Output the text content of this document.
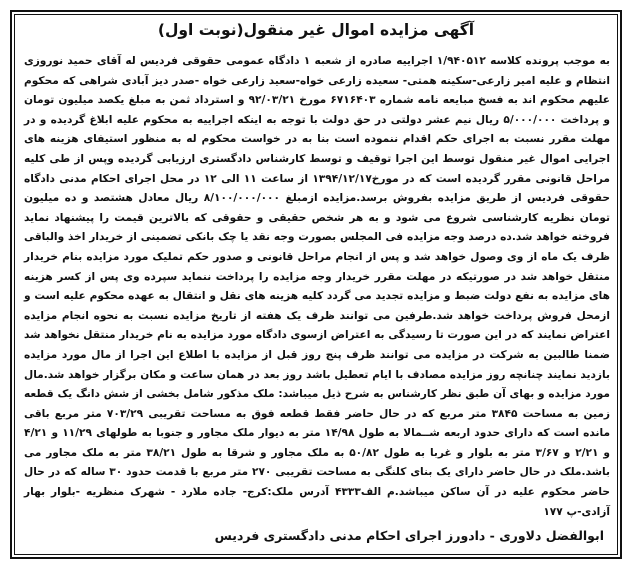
آگهی مزایده اموال غیر منقول(نوبت اول)
به موجب پرونده کلاسه ۱/۹۴۰۵۱۲ اجراییه صادره از شعبه ۱ دادگاه عمومی حقوقی فردیس له آقای حمید نوروزی انتظام و علیه امیر زارعی-سکینه همتی- سعیده زارعی خواه-سعید زارعی خواه -صدر دیز آبادی شراهی که محکوم علیهم محکوم اند به فسخ مبایعه نامه شماره ۶۷۱۶۴۰۳ مورخ ۹۲/۰۳/۲۱ و استرداد ثمن به مبلغ یکصد میلیون تومان و پرداخت ۵/۰۰۰/۰۰۰ ریال نیم عشر دولتی در حق دولت با توجه به اینکه اجراییه به محکوم علیه ابلاغ گردیده و در مهلت مقرر نسبت به اجرای حکم اقدام ننموده است بنا به در خواست محکوم له به منظور استیفای هزینه های اجرایی اموال غیر منقول توسط این اجرا توقیف و توسط کارشناس دادگستری ارزیابی گردیده وپس از طی کلیه مراحل قانونی مقرر گردیده است که در مورخ۱۳۹۴/۱۲/۱۷ از ساعت ۱۱ الی ۱۲ در محل اجرای احکام مدنی دادگاه حقوقی فردیس از طریق مزایده بفروش برسد.مزایده ازمبلغ ۸/۱۰۰/۰۰۰/۰۰۰ ریال معادل هشتصد و ده میلیون تومان نظریه کارشناسی شروع می شود و به هر شخص حقیقی و حقوقی که بالاترین قیمت را پیشنهاد نماید فروخته خواهد شد.ده درصد وجه مزایده فی المجلس بصورت وجه نقد یا چک بانکی تضمینی از خریدار اخذ والباقی ظرف یک ماه از وی وصول خواهد شد و پس از انجام مراحل قانونی و صدور حکم تملیک مورد مزایده بنام خریدار منتقل خواهد شد در صورتیکه در مهلت مقرر خریدار وجه مزایده را پرداخت ننماید سپرده وی پس از کسر هزینه های مزایده به نفع دولت ضبط و مزایده تجدید می گردد کلیه هزینه های نقل و انتقال به عهده محکوم علیه است و ازمحل فروش پرداخت خواهد شد.طرفین می توانند ظرف یک هفته از تاریخ مزایده نسبت به نحوه انجام مزایده اعتراض نمایند که در این صورت تا رسیدگی به اعتراض ازسوی دادگاه مورد مزایده به نام خریدار منتقل نخواهد شد ضمنا طالبین به شرکت در مزایده می توانند ظرف پنج روز قبل از مزایده با اطلاع این اجرا از مال مورد مزایده بازدید نمایند چنانچه روز مزایده مصادف با ایام تعطیل باشد روز بعد در همان ساعت و مکان برگزار خواهد شد.مال مورد مزایده و بهای آن طبق نظر کارشناس به شرح ذیل میباشد: ملک مذکور شامل بخشی از شش دانگ یک قطعه زمین به مساحت ۳۸۴۵ متر مربع که در حال حاضر فقط قطعه فوق به مساحت تقریبی ۷۰۳/۲۹ متر مربع باقی مانده است که دارای حدود اربعه شــمالا به طول ۱۴/۹۸ متر به دیوار ملک مجاور و جنوبا به طولهای ۱۱/۲۹ و ۴/۲۱ و ۲/۲۱ و ۳/۶۷ متر به بلوار و غربا به طول ۵۰/۸۲ به ملک مجاور و شرقا به طول ۳۸/۲۱ متر به ملک مجاور می باشد.ملک در حال حاضر دارای یک بنای کلنگی به مساحت تقریبی ۲۷۰ متر مربع با قدمت حدود ۳۰ ساله که در حال حاضر محکوم علیه در آن ساکن میباشد.م الف۴۳۳۳ آدرس ملک:کرج- جاده ملارد - شهرک منظریه -بلوار بهار آزادی-پ ۱۷۷
ابوالفضل دلاوری - دادورز اجرای احکام مدنی دادگستری فردیس
